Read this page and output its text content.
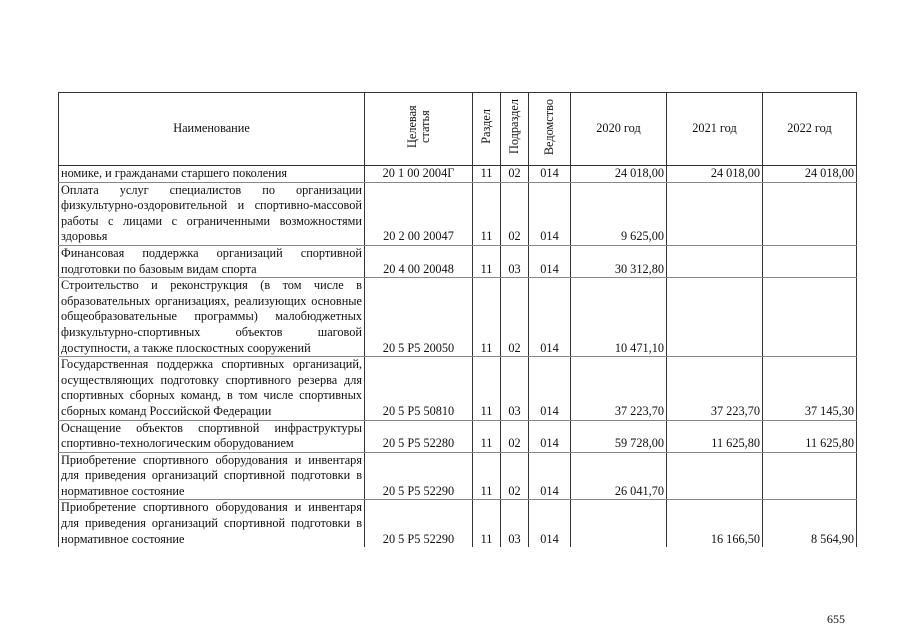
Наименование	Целевая статья	Раздел	Подраздел	Ведомство	2020 год	2021 год	2022 год
номике, и гражданами старшего поколения	20 1 00 2004Г	11	02	014	24 018,00	24 018,00	24 018,00
Оплата услуг специалистов по организации физкультурно-оздоровительной и спортивно-массовой работы с лицами с ограниченными возможностями здоровья	20 2 00 20047	11	02	014	9 625,00		
Финансовая поддержка организаций спортивной подготовки по базовым видам спорта	20 4 00 20048	11	03	014	30 312,80		
Строительство и реконструкция (в том числе в образовательных организациях, реализующих основные общеобразовательные программы) малобюджетных физкультурно-спортивных объектов шаговой доступности, а также плоскостных сооружений	20 5 P5 20050	11	02	014	10 471,10		
Государственная поддержка спортивных организаций, осуществляющих подготовку спортивного резерва для спортивных сборных команд, в том числе спортивных сборных команд Российской Федерации	20 5 P5 50810	11	03	014	37 223,70	37 223,70	37 145,30
Оснащение объектов спортивной инфраструктуры спортивно-технологическим оборудованием	20 5 P5 52280	11	02	014	59 728,00	11 625,80	11 625,80
Приобретение спортивного оборудования и инвентаря для приведения организаций спортивной подготовки в нормативное состояние	20 5 P5 52290	11	02	014	26 041,70		
Приобретение спортивного оборудования и инвентаря для приведения организаций спортивной подготовки в нормативное состояние	20 5 P5 52290	11	03	014		16 166,50	8 564,90
655
